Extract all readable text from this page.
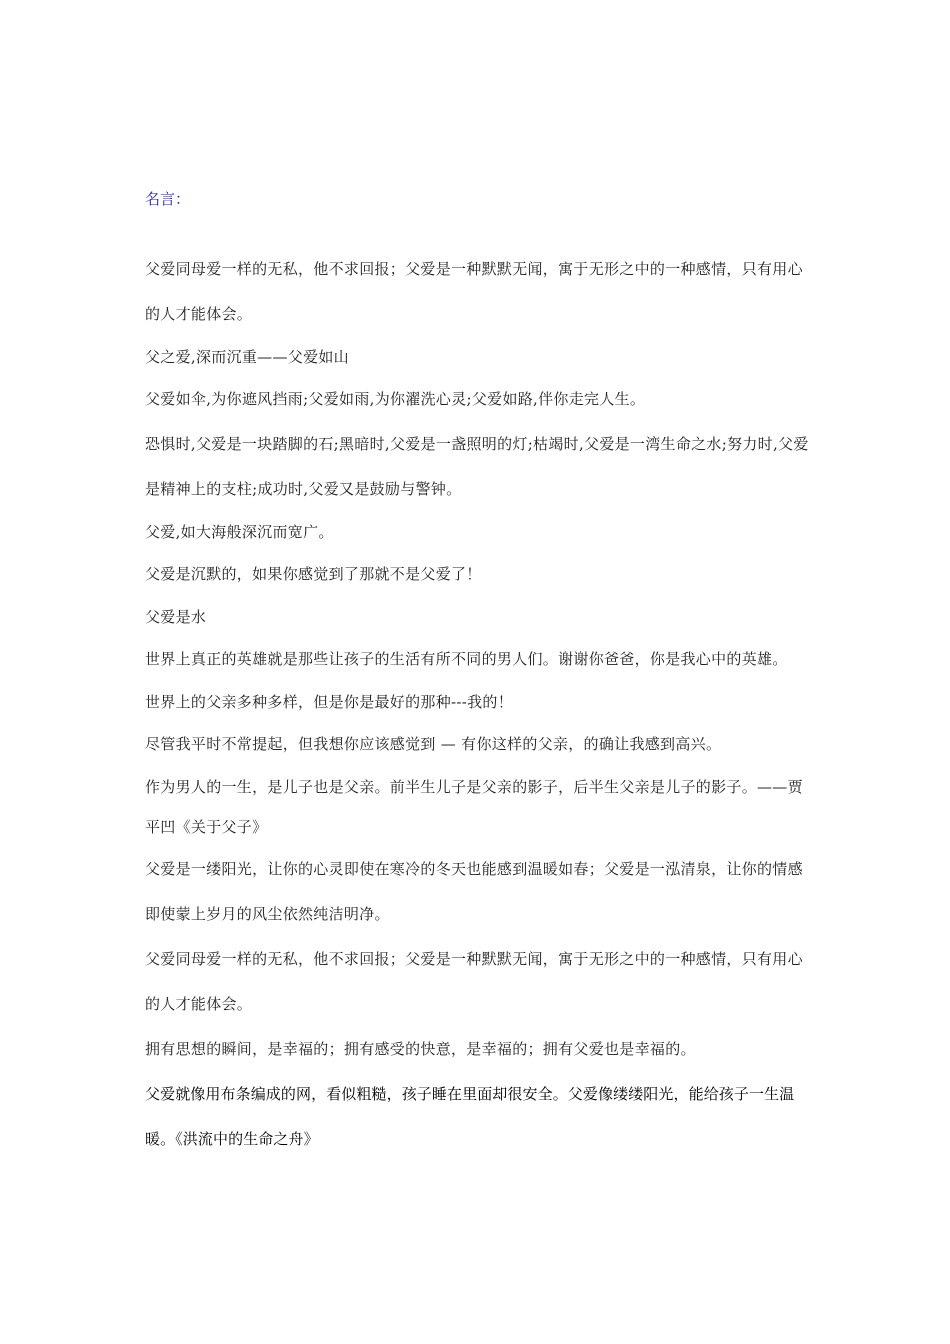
名言：

父爱同母爱一样的无私，他不求回报；父爱是一种默默无闻，寓于无形之中的一种感情，只有用心的人才能体会。

父之爱,深而沉重——父爱如山

父爱如伞,为你遮风挡雨;父爱如雨,为你濯洗心灵;父爱如路,伴你走完人生。

恐惧时,父爱是一块踏脚的石;黑暗时,父爱是一盏照明的灯;枯竭时,父爱是一湾生命之水;努力时,父爱是精神上的支柱;成功时,父爱又是鼓励与警钟。

父爱,如大海般深沉而宽广。

父爱是沉默的，如果你感觉到了那就不是父爱了！

父爱是水

世界上真正的英雄就是那些让孩子的生活有所不同的男人们。谢谢你爸爸，你是我心中的英雄。

世界上的父亲多种多样，但是你是最好的那种---我的！

尽管我平时不常提起，但我想你应该感觉到 — 有你这样的父亲，的确让我感到高兴。

作为男人的一生，是儿子也是父亲。前半生儿子是父亲的影子，后半生父亲是儿子的影子。——贾平凹《关于父子》

父爱是一缕阳光，让你的心灵即使在寒冷的冬天也能感到温暖如春；父爱是一泓清泉，让你的情感即使蒙上岁月的风尘依然纯洁明净。

父爱同母爱一样的无私，他不求回报；父爱是一种默默无闻，寓于无形之中的一种感情，只有用心的人才能体会。

拥有思想的瞬间，是幸福的；拥有感受的快意，是幸福的；拥有父爱也是幸福的。

父爱就像用布条编成的网，看似粗糙，孩子睡在里面却很安全。父爱像缕缕阳光，能给孩子一生温暖。《洪流中的生命之舟》
